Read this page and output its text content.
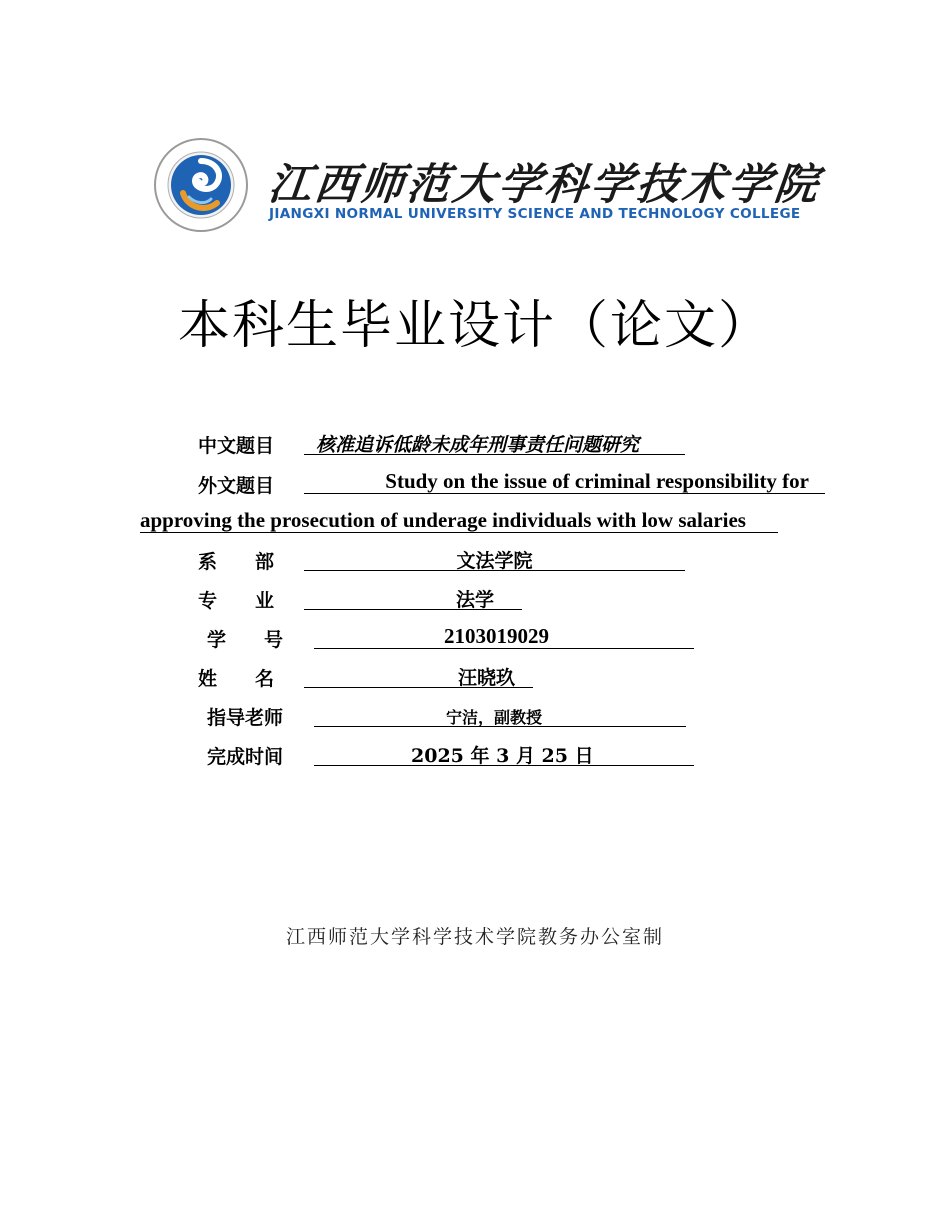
江西师范大学科学技术学院
JIANGXI NORMAL UNIVERSITY SCIENCE AND TECHNOLOGY COLLEGE
本科生毕业设计（论文）
中文题目	核准追诉低龄未成年刑事责任问题研究
外文题目	Study on the issue of criminal responsibility for
approving the prosecution of underage individuals with low salaries
系　　部	文法学院
专　　业	法学
学　　号	2103019029
姓　　名	汪晓玖
指导老师	宁洁，副教授
完成时间	2025 年 3 月 25 日
江西师范大学科学技术学院教务办公室制
